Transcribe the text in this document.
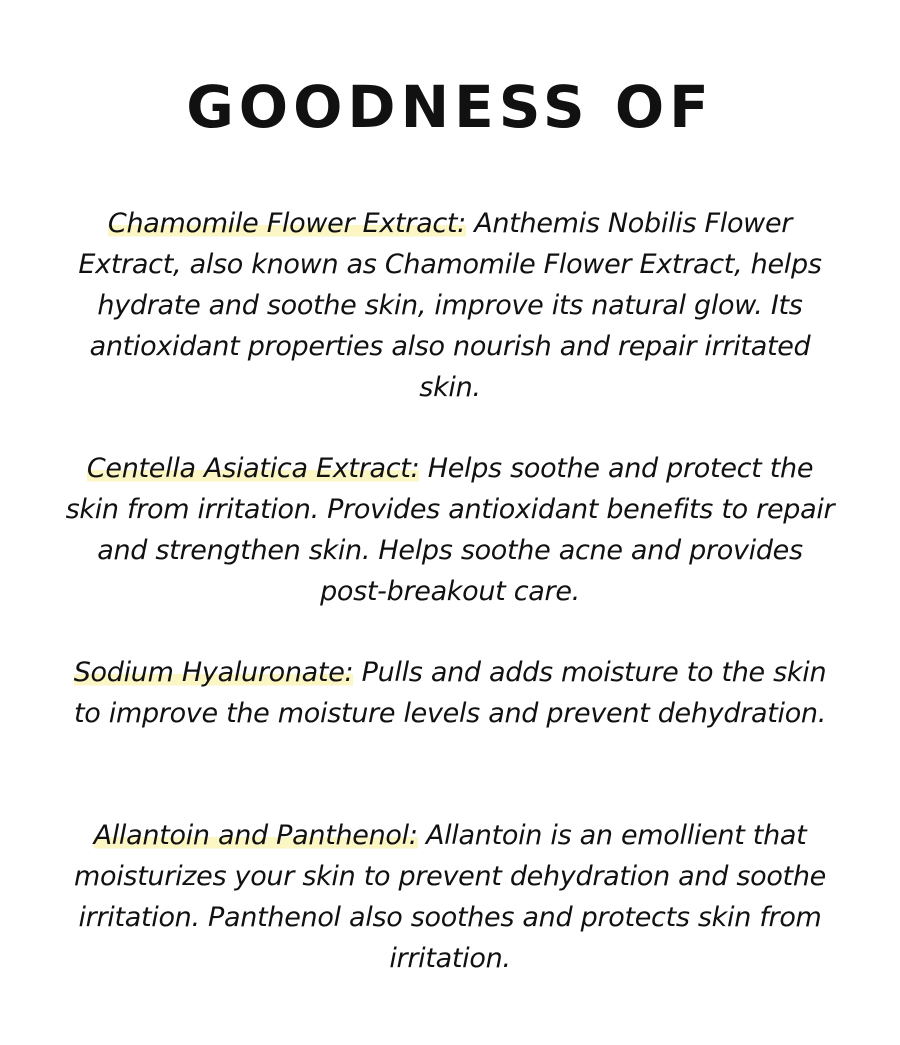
GOODNESS OF

Chamomile Flower Extract: Anthemis Nobilis Flower Extract, also known as Chamomile Flower Extract, helps hydrate and soothe skin, improve its natural glow. Its antioxidant properties also nourish and repair irritated skin.

Centella Asiatica Extract: Helps soothe and protect the skin from irritation. Provides antioxidant benefits to repair and strengthen skin. Helps soothe acne and provides post-breakout care.

Sodium Hyaluronate: Pulls and adds moisture to the skin to improve the moisture levels and prevent dehydration.

Allantoin and Panthenol: Allantoin is an emollient that moisturizes your skin to prevent dehydration and soothe irritation. Panthenol also soothes and protects skin from irritation.
